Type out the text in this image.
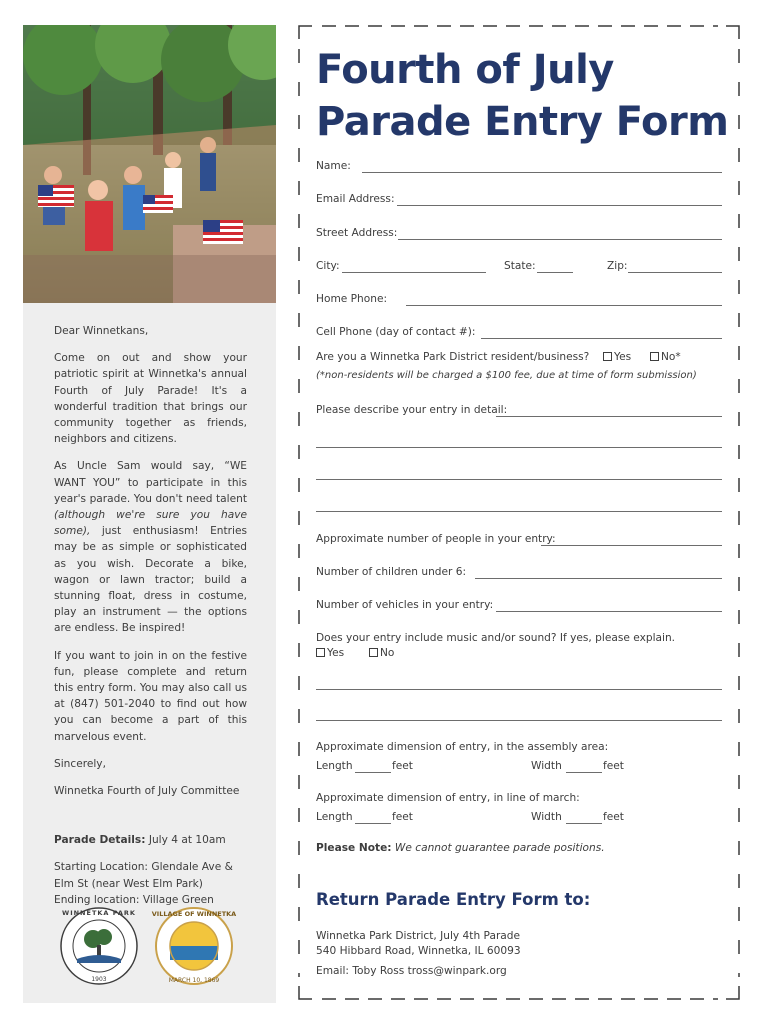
Dear Winnetkans,

Come on out and show your patriotic spirit at Winnetka's annual Fourth of July Parade! It's a wonderful tradition that brings our community together as friends, neighbors and citizens.

As Uncle Sam would say, “WE WANT YOU” to participate in this year's parade. You don't need talent (although we're sure you have some), just enthusiasm! Entries may be as simple or sophisticated as you wish. Decorate a bike, wagon or lawn tractor; build a stunning float, dress in costume, play an instrument — the options are endless. Be inspired!

If you want to join in on the festive fun, please complete and return this entry form. You may also call us at (847) 501-2040 to find out how you can become a part of this marvelous event.

Sincerely,

Winnetka Fourth of July Committee

Parade Details: July 4 at 10am

Starting Location: Glendale Ave & Elm St (near West Elm Park)

Ending location: Village Green

WINNETKA PARK
1903
VILLAGE OF WINNETKA
MARCH 10, 1869
Fourth of July
Parade Entry Form
Name:
Email Address:
Street Address:
City:	State:	Zip:
Home Phone:
Cell Phone (day of contact #):
Are you a Winnetka Park District resident/business?	Yes	No*
(*non-residents will be charged a $100 fee, due at time of form submission)
Please describe your entry in detail:
Approximate number of people in your entry:
Number of children under 6:
Number of vehicles in your entry:
Does your entry include music and/or sound? If yes, please explain.
Yes	No
Approximate dimension of entry, in the assembly area:
Length	feet	Width	feet
Approximate dimension of entry, in line of march:
Length	feet	Width	feet
Please Note: We cannot guarantee parade positions.
Return Parade Entry Form to:
Winnetka Park District, July 4th Parade
540 Hibbard Road, Winnetka, IL 60093
Email: Toby Ross tross@winpark.org
